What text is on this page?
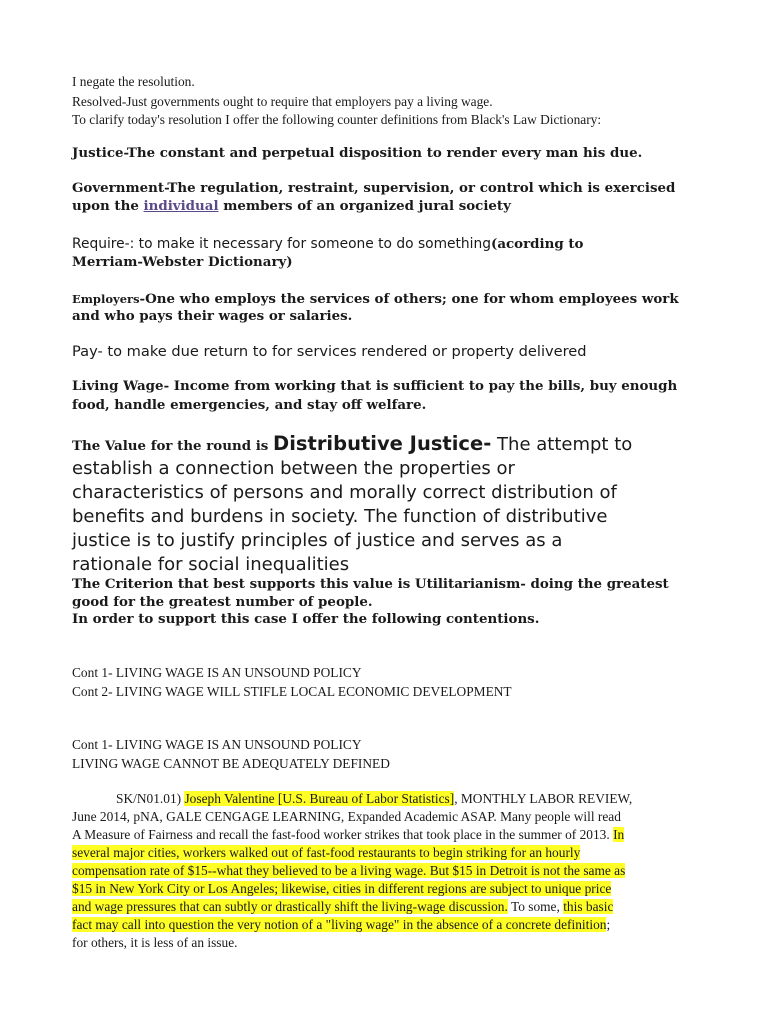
I negate the resolution.
Resolved-Just governments ought to require that employers pay a living wage.
To clarify today's resolution I offer the following counter definitions from Black's Law Dictionary:
Justice-The constant and perpetual disposition to render every man his due.
Government-The regulation, restraint, supervision, or control which is exercised
upon the individual members of an organized jural society
Require-: to make it necessary for someone to do something(acording to
Merriam-Webster Dictionary)
Employers-One who employs the services of others; one for whom employees work
and who pays their wages or salaries.
Pay- to make due return to for services rendered or property delivered
Living Wage- Income from working that is sufficient to pay the bills, buy enough
food, handle emergencies, and stay off welfare.
The Value for the round is Distributive Justice- The attempt to
establish a connection between the properties or
characteristics of persons and morally correct distribution of
benefits and burdens in society. The function of distributive
justice is to justify principles of justice and serves as a
rationale for social inequalities
The Criterion that best supports this value is Utilitarianism- doing the greatest
good for the greatest number of people.
In order to support this case I offer the following contentions.
Cont 1- LIVING WAGE IS AN UNSOUND POLICY
Cont 2- LIVING WAGE WILL STIFLE LOCAL ECONOMIC DEVELOPMENT
Cont 1- LIVING WAGE IS AN UNSOUND POLICY
LIVING WAGE CANNOT BE ADEQUATELY DEFINED
SK/N01.01) Joseph Valentine [U.S. Bureau of Labor Statistics], MONTHLY LABOR REVIEW,
June 2014, pNA, GALE CENGAGE LEARNING, Expanded Academic ASAP. Many people will read
A Measure of Fairness and recall the fast-food worker strikes that took place in the summer of 2013. In
several major cities, workers walked out of fast-food restaurants to begin striking for an hourly
compensation rate of $15--what they believed to be a living wage. But $15 in Detroit is not the same as
$15 in New York City or Los Angeles; likewise, cities in different regions are subject to unique price
and wage pressures that can subtly or drastically shift the living-wage discussion. To some, this basic
fact may call into question the very notion of a "living wage" in the absence of a concrete definition;
for others, it is less of an issue.
